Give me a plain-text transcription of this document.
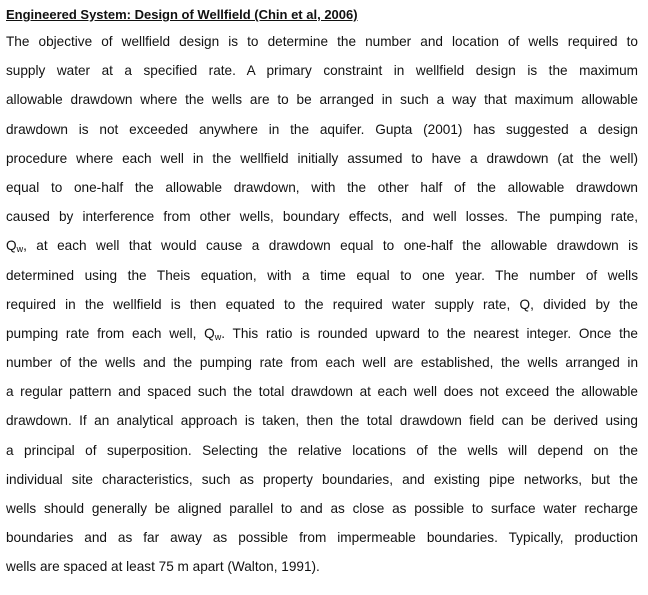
Engineered System: Design of Wellfield (Chin et al, 2006)
The objective of wellfield design is to determine the number and location of wells required to
supply water at a specified rate. A primary constraint in wellfield design is the maximum
allowable drawdown where the wells are to be arranged in such a way that maximum allowable
drawdown is not exceeded anywhere in the aquifer. Gupta (2001) has suggested a design
procedure where each well in the wellfield initially assumed to have a drawdown (at the well)
equal to one-half the allowable drawdown, with the other half of the allowable drawdown
caused by interference from other wells, boundary effects, and well losses. The pumping rate,
$Q_w$, at each well that would cause a drawdown equal to one-half the allowable drawdown is
determined using the Theis equation, with a time equal to one year. The number of wells
required in the wellfield is then equated to the required water supply rate, Q, divided by the
pumping rate from each well, $Q_w$. This ratio is rounded upward to the nearest integer. Once the
number of the wells and the pumping rate from each well are established, the wells arranged in
a regular pattern and spaced such the total drawdown at each well does not exceed the allowable
drawdown. If an analytical approach is taken, then the total drawdown field can be derived using
a principal of superposition. Selecting the relative locations of the wells will depend on the
individual site characteristics, such as property boundaries, and existing pipe networks, but the
wells should generally be aligned parallel to and as close as possible to surface water recharge
boundaries and as far away as possible from impermeable boundaries. Typically, production
wells are spaced at least 75 m apart (Walton, 1991).
